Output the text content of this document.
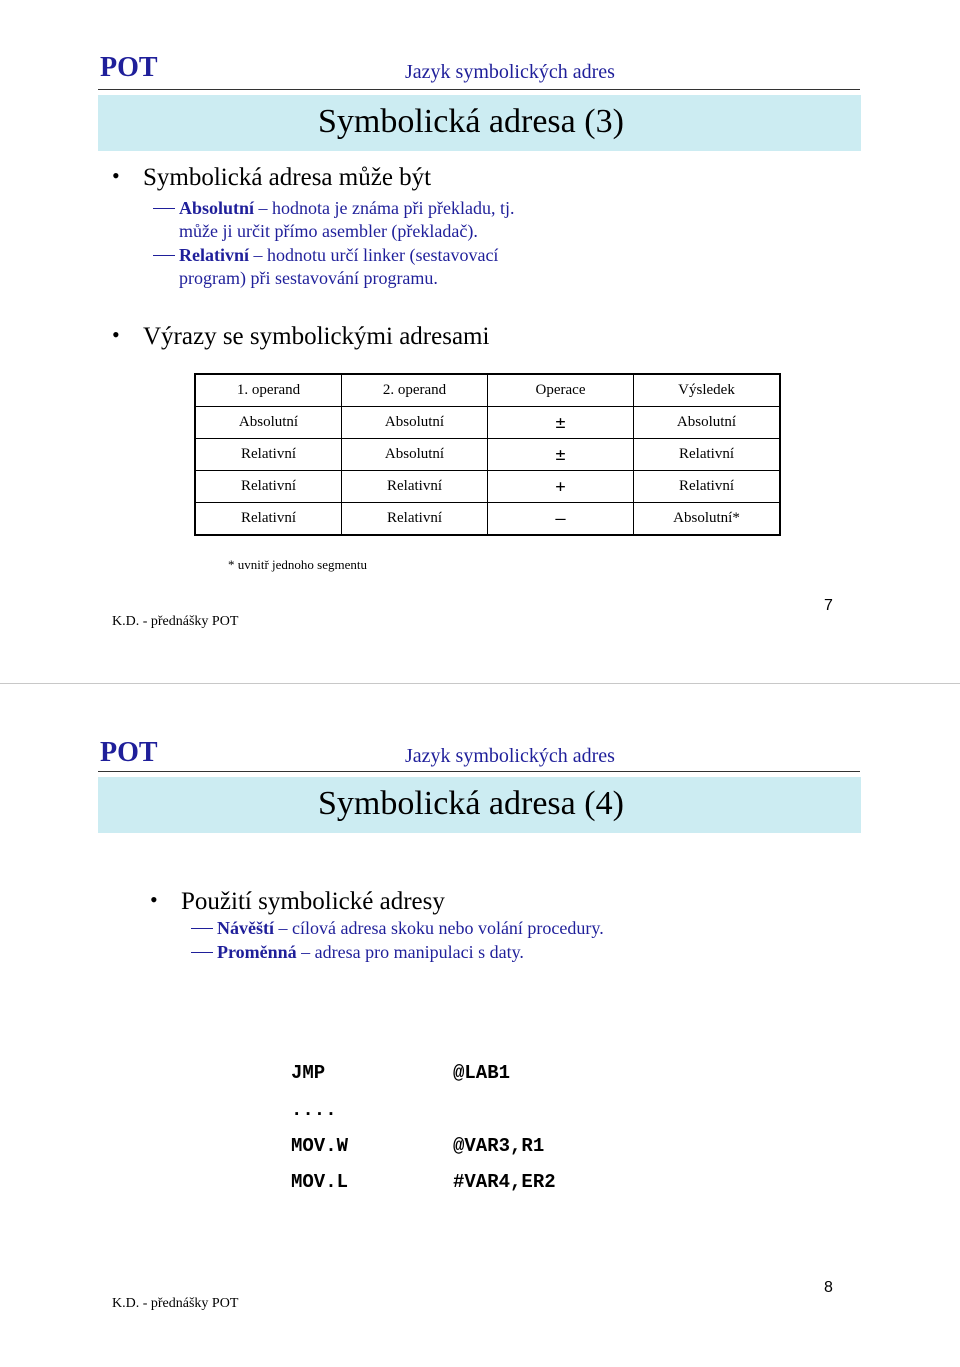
POT	Jazyk symbolických adres
Symbolická adresa (3)
• Symbolická adresa může být
Absolutní – hodnota je známa při překladu, tj.
může ji určit přímo asembler (překladač).
Relativní – hodnotu určí linker (sestavovací
program) při sestavování programu.
• Výrazy se symbolickými adresami
1. operand	2. operand	Operace	Výsledek
Absolutní	Absolutní	±	Absolutní
Relativní	Absolutní	±	Relativní
Relativní	Relativní	+	Relativní
Relativní	Relativní	–	Absolutní*
* uvnitř jednoho segmentu
K.D. - přednášky POT
7
POT	Jazyk symbolických adres
Symbolická adresa (4)
• Použití symbolické adresy
Návěští – cílová adresa skoku nebo volání procedury.
Proměnná – adresa pro manipulaci s daty.
JMP	@LAB1
....
MOV.W	@VAR3,R1
MOV.L	#VAR4,ER2
K.D. - přednášky POT
8
